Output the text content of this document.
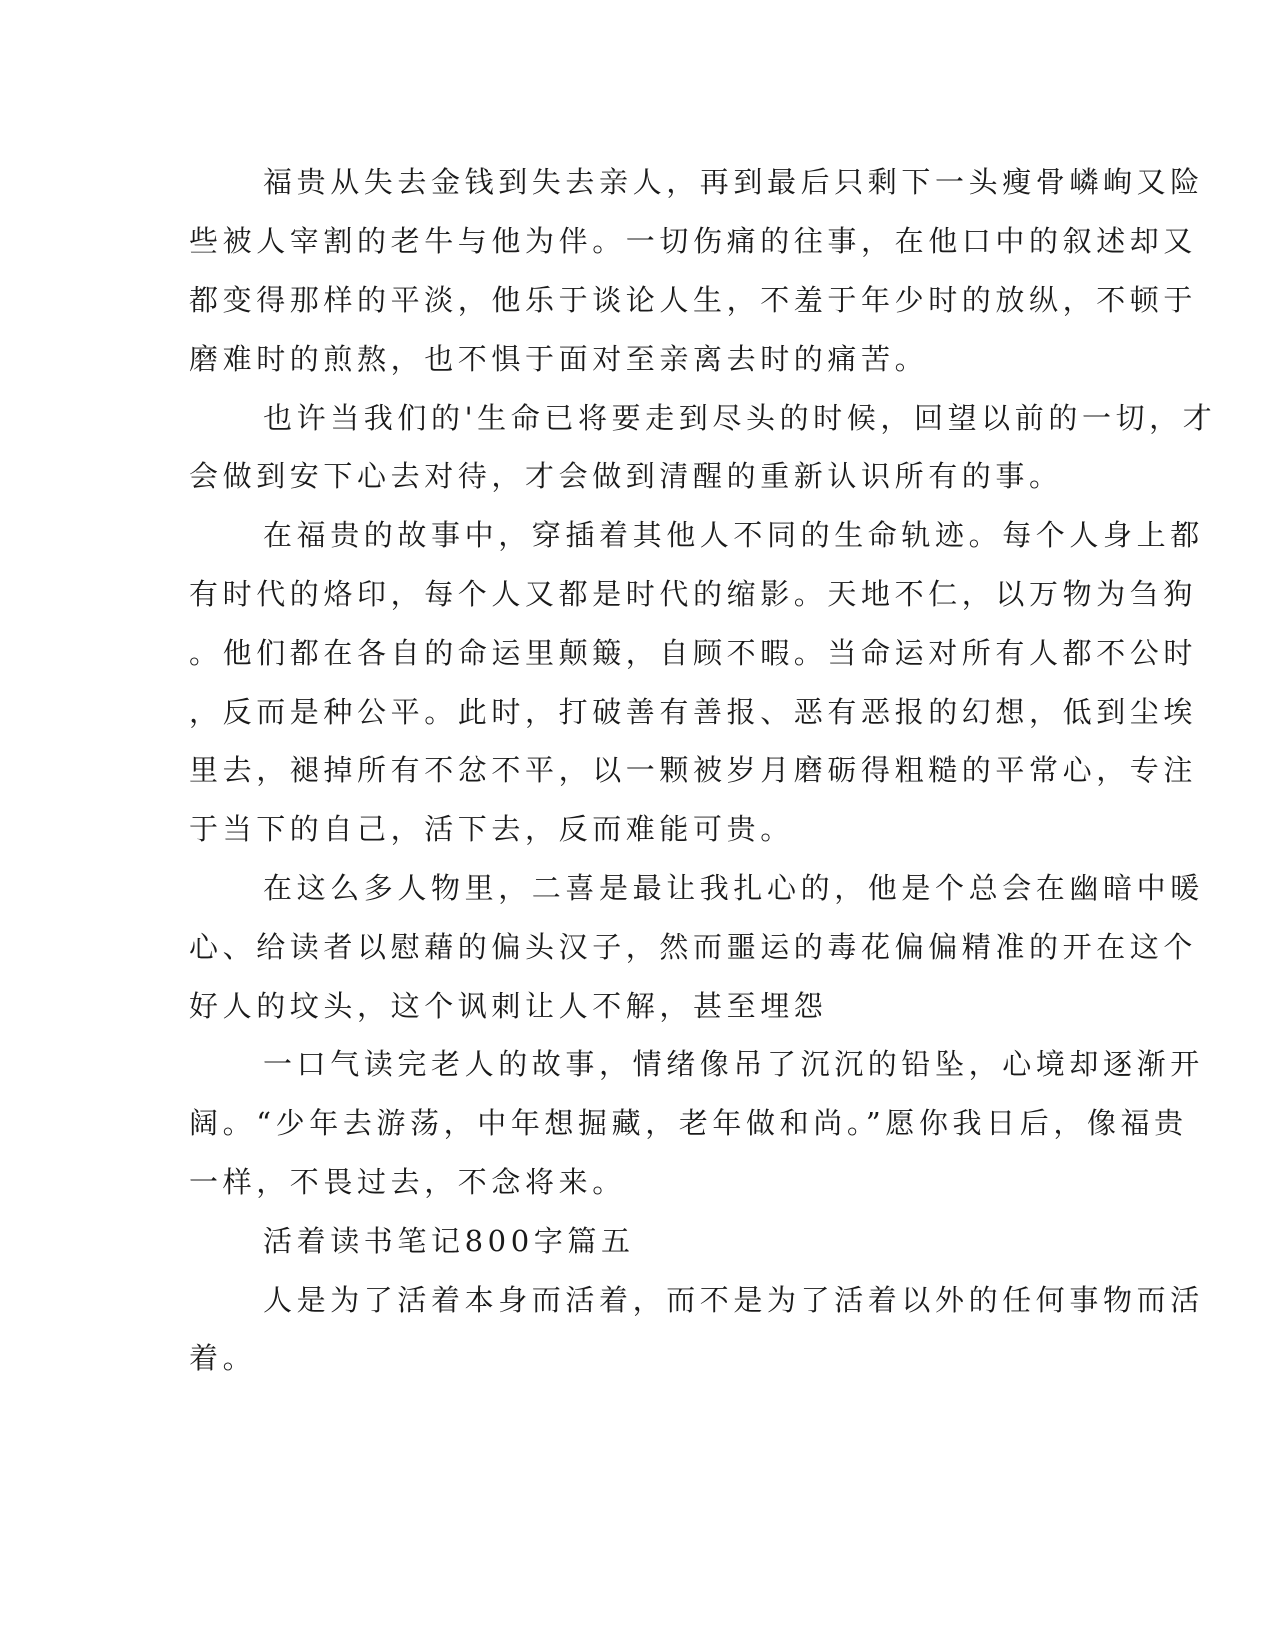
福贵从失去金钱到失去亲人，再到最后只剩下一头瘦骨嶙峋又险

些被人宰割的老牛与他为伴。一切伤痛的往事，在他口中的叙述却又

都变得那样的平淡，他乐于谈论人生，不羞于年少时的放纵，不顿于

磨难时的煎熬，也不惧于面对至亲离去时的痛苦。

也许当我们的'生命已将要走到尽头的时候，回望以前的一切，才

会做到安下心去对待，才会做到清醒的重新认识所有的事。

在福贵的故事中，穿插着其他人不同的生命轨迹。每个人身上都

有时代的烙印，每个人又都是时代的缩影。天地不仁，以万物为刍狗

。他们都在各自的命运里颠簸，自顾不暇。当命运对所有人都不公时

，反而是种公平。此时，打破善有善报、恶有恶报的幻想，低到尘埃

里去，褪掉所有不忿不平，以一颗被岁月磨砺得粗糙的平常心，专注

于当下的自己，活下去，反而难能可贵。

在这么多人物里，二喜是最让我扎心的，他是个总会在幽暗中暖

心、给读者以慰藉的偏头汉子，然而噩运的毒花偏偏精准的开在这个

好人的坟头，这个讽刺让人不解，甚至埋怨

一口气读完老人的故事，情绪像吊了沉沉的铅坠，心境却逐渐开

阔。“少年去游荡，中年想掘藏，老年做和尚。”愿你我日后，像福贵

一样，不畏过去，不念将来。

活着读书笔记800字篇五

人是为了活着本身而活着，而不是为了活着以外的任何事物而活

着。
